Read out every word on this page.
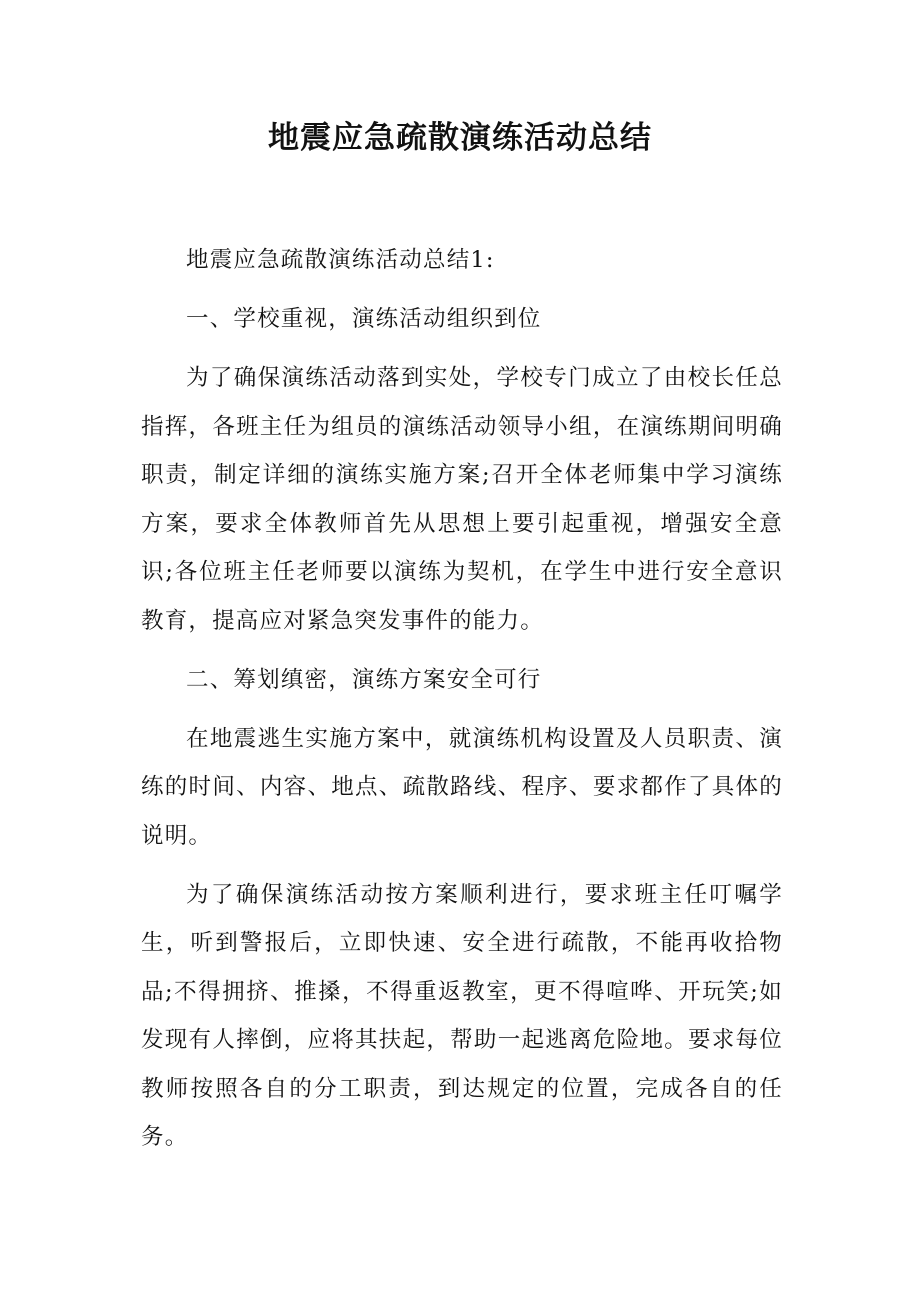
地震应急疏散演练活动总结

地震应急疏散演练活动总结1:

一、学校重视，演练活动组织到位

为了确保演练活动落到实处，学校专门成立了由校长任总指挥，各班主任为组员的演练活动领导小组，在演练期间明确职责，制定详细的演练实施方案;召开全体老师集中学习演练方案，要求全体教师首先从思想上要引起重视，增强安全意识;各位班主任老师要以演练为契机，在学生中进行安全意识教育，提高应对紧急突发事件的能力。

二、筹划缜密，演练方案安全可行

在地震逃生实施方案中，就演练机构设置及人员职责、演练的时间、内容、地点、疏散路线、程序、要求都作了具体的说明。

为了确保演练活动按方案顺利进行，要求班主任叮嘱学生，听到警报后，立即快速、安全进行疏散，不能再收拾物品;不得拥挤、推搡，不得重返教室，更不得喧哗、开玩笑;如发现有人摔倒，应将其扶起，帮助一起逃离危险地。要求每位教师按照各自的分工职责，到达规定的位置，完成各自的任务。
